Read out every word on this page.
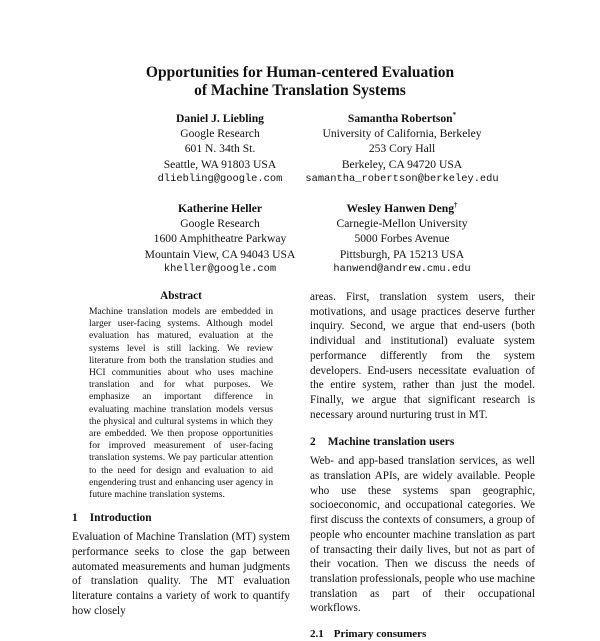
Opportunities for Human-centered Evaluation
of Machine Translation Systems
Daniel J. Liebling
Google Research
601 N. 34th St.
Seattle, WA 91803 USA
dliebling@google.com
Samantha Robertson*
University of California, Berkeley
253 Cory Hall
Berkeley, CA 94720 USA
samantha_robertson@berkeley.edu
Katherine Heller
Google Research
1600 Amphitheatre Parkway
Mountain View, CA 94043 USA
kheller@google.com
Wesley Hanwen Deng†
Carnegie-Mellon University
5000 Forbes Avenue
Pittsburgh, PA 15213 USA
hanwend@andrew.cmu.edu
Abstract

Machine translation models are embedded in larger user-facing systems. Although model evaluation has matured, evaluation at the systems level is still lacking. We review literature from both the translation studies and HCI communities about who uses machine translation and for what purposes. We emphasize an important difference in evaluating machine translation models versus the physical and cultural systems in which they are embedded. We then propose opportunities for improved measurement of user-facing translation systems. We pay particular attention to the need for design and evaluation to aid engendering trust and enhancing user agency in future machine translation systems.

1 Introduction

Evaluation of Machine Translation (MT) system performance seeks to close the gap between automated measurements and human judgments of translation quality. The MT evaluation literature contains a variety of work to quantify how closely

areas. First, translation system users, their motivations, and usage practices deserve further inquiry. Second, we argue that end-users (both individual and institutional) evaluate system performance differently from the system developers. End-users necessitate evaluation of the entire system, rather than just the model. Finally, we argue that significant research is necessary around nurturing trust in MT.

2 Machine translation users

Web- and app-based translation services, as well as translation APIs, are widely available. People who use these systems span geographic, socioeconomic, and occupational categories. We first discuss the contexts of consumers, a group of people who encounter machine translation as part of transacting their daily lives, but not as part of their vocation. Then we discuss the needs of translation professionals, people who use machine translation as part of their occupational workflows.

2.1 Primary consumers
